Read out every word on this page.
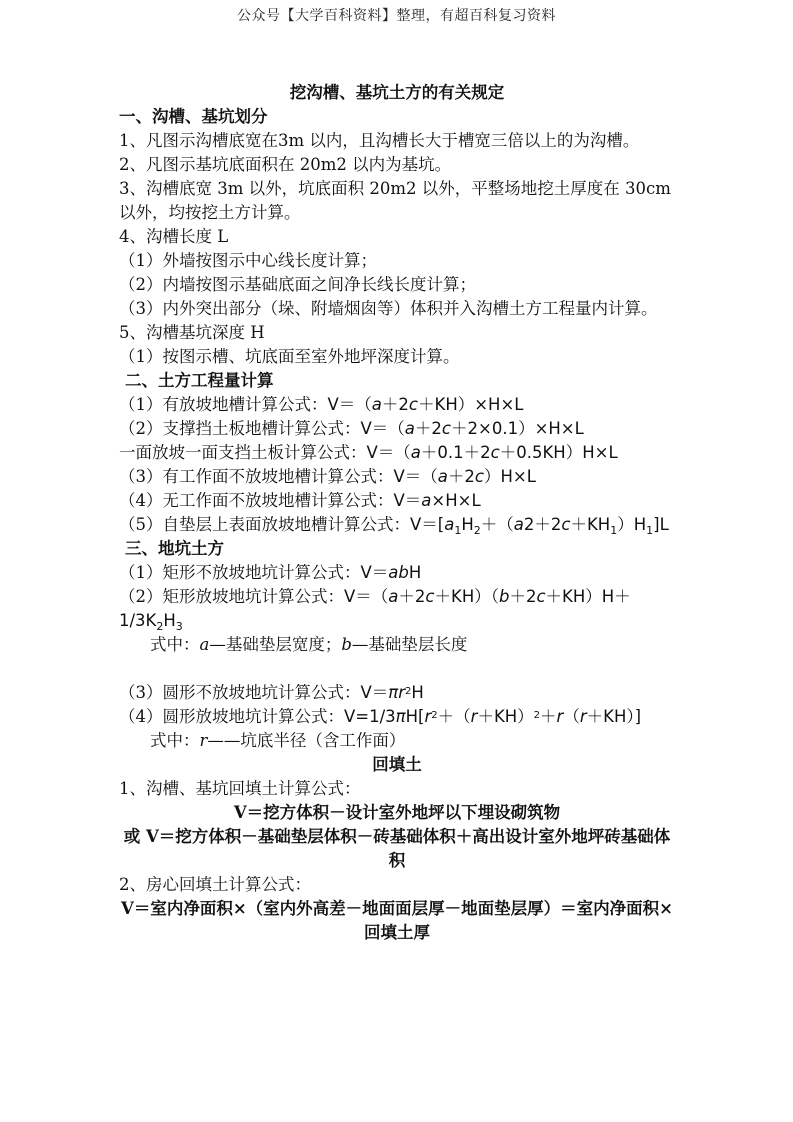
公众号【大学百科资料】整理，有超百科复习资料
挖沟槽、基坑土方的有关规定
一、沟槽、基坑划分
1、凡图示沟槽底宽在3m 以内，且沟槽长大于槽宽三倍以上的为沟槽。
2、凡图示基坑底面积在 20m2 以内为基坑。
3、沟槽底宽 3m 以外，坑底面积 20m2 以外，平整场地挖土厚度在 30cm 以外，均按挖土方计算。
4、沟槽长度 L
（1）外墙按图示中心线长度计算；
（2）内墙按图示基础底面之间净长线长度计算；
（3）内外突出部分（垛、附墙烟囱等）体积并入沟槽土方工程量内计算。
5、沟槽基坑深度 H
（1）按图示槽、坑底面至室外地坪深度计算。
二、土方工程量计算
（1）有放坡地槽计算公式：V＝（a＋2c＋KH）×H×L
（2）支撑挡土板地槽计算公式：V＝（a＋2c＋2×0.1）×H×L
一面放坡一面支挡土板计算公式：V＝（a＋0.1＋2c＋0.5KH）H×L
（3）有工作面不放坡地槽计算公式：V＝（a＋2c）H×L
（4）无工作面不放坡地槽计算公式：V＝a×H×L
（5）自垫层上表面放坡地槽计算公式：$V=[a_1H_2+(a2+2c+KH_1)H_1]L$
三、地坑土方
（1）矩形不放坡地坑计算公式：V＝abH
（2）矩形放坡地坑计算公式：$V=(a+2c+KH)(b+2c+KH)H+1/3K_2H_3$
式中：a—基础垫层宽度；b—基础垫层长度
（3）圆形不放坡地坑计算公式：$V=\pi r^2H$
（4）圆形放坡地坑计算公式：$V=1/3\pi H[r^2+(r+KH)^2+r(r+KH)]$
式中：r——坑底半径（含工作面）
回填土
1、沟槽、基坑回填土计算公式：
V＝挖方体积－设计室外地坪以下埋设砌筑物
或 V＝挖方体积－基础垫层体积－砖基础体积＋高出设计室外地坪砖基础体积
2、房心回填土计算公式：
V＝室内净面积×（室内外高差－地面面层厚－地面垫层厚）＝室内净面积×回填土厚
